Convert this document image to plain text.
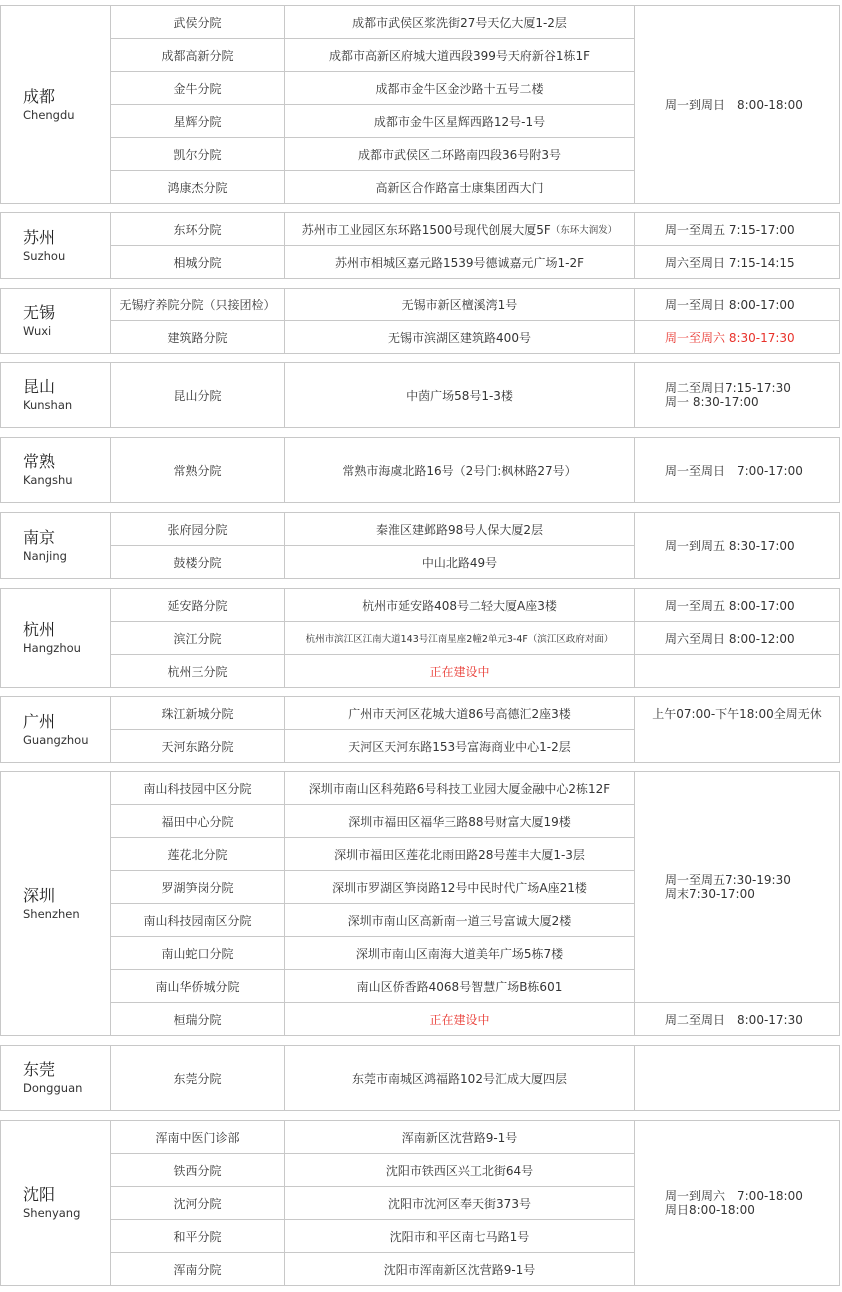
成都
Chengdu
武侯分院	成都市武侯区浆洗街27号天亿大厦1-2层
成都高新分院	成都市高新区府城大道西段399号天府新谷1栋1F
金牛分院	成都市金牛区金沙路十五号二楼
星辉分院	成都市金牛区星辉西路12号-1号
凯尔分院	成都市武侯区二环路南四段36号附3号
鸿康杰分院	高新区合作路富士康集团西大门
周一到周日　8:00-18:00
苏州
Suzhou
东环分院	苏州市工业园区东环路1500号现代创展大厦5F （东环大润发）	周一至周五 7:15-17:00
相城分院	苏州市相城区嘉元路1539号德诚嘉元广场1-2F	周六至周日 7:15-14:15
无锡
Wuxi
无锡疗养院分院（只接团检）	无锡市新区檀溪湾1号	周一至周日 8:00-17:00
建筑路分院	无锡市滨湖区建筑路400号	周一至周六 8:30-17:30
昆山
Kunshan
昆山分院	中茵广场58号1-3楼
周二至周日7:15-17:30
周一 8:30-17:00
常熟
Kangshu
常熟分院	常熟市海虞北路16号（2号门:枫林路27号）	周一至周日　7:00-17:00
南京
Nanjing
张府园分院	秦淮区建邺路98号人保大厦2层
鼓楼分院	中山北路49号
周一到周五 8:30-17:00
杭州
Hangzhou
延安路分院	杭州市延安路408号二轻大厦A座3楼	周一至周五 8:00-17:00
滨江分院	杭州市滨江区江南大道143号江南星座2幢2单元3-4F（滨江区政府对面）	周六至周日 8:00-12:00
杭州三分院	正在建设中
广州
Guangzhou
珠江新城分院	广州市天河区花城大道86号高德汇2座3楼	上午07:00-下午18:00全周无休
天河东路分院	天河区天河东路153号富海商业中心1-2层
深圳
Shenzhen
南山科技园中区分院	深圳市南山区科苑路6号科技工业园大厦金融中心2栋12F
福田中心分院	深圳市福田区福华三路88号财富大厦19楼
莲花北分院	深圳市福田区莲花北雨田路28号莲丰大厦1-3层
罗湖笋岗分院	深圳市罗湖区笋岗路12号中民时代广场A座21楼
南山科技园南区分院	深圳市南山区高新南一道三号富诚大厦2楼
南山蛇口分院	深圳市南山区南海大道美年广场5栋7楼
南山华侨城分院	南山区侨香路4068号智慧广场B栋601
周一至周五7:30-19:30
周末7:30-17:00
桓瑞分院	正在建设中	周二至周日　8:00-17:30
东莞
Dongguan
东莞分院	东莞市南城区鸿福路102号汇成大厦四层
沈阳
Shenyang
浑南中医门诊部	浑南新区沈营路9-1号
铁西分院	沈阳市铁西区兴工北街64号
沈河分院	沈阳市沈河区奉天街373号
和平分院	沈阳市和平区南七马路1号
浑南分院	沈阳市浑南新区沈营路9-1号
周一到周六　7:00-18:00
周日8:00-18:00
